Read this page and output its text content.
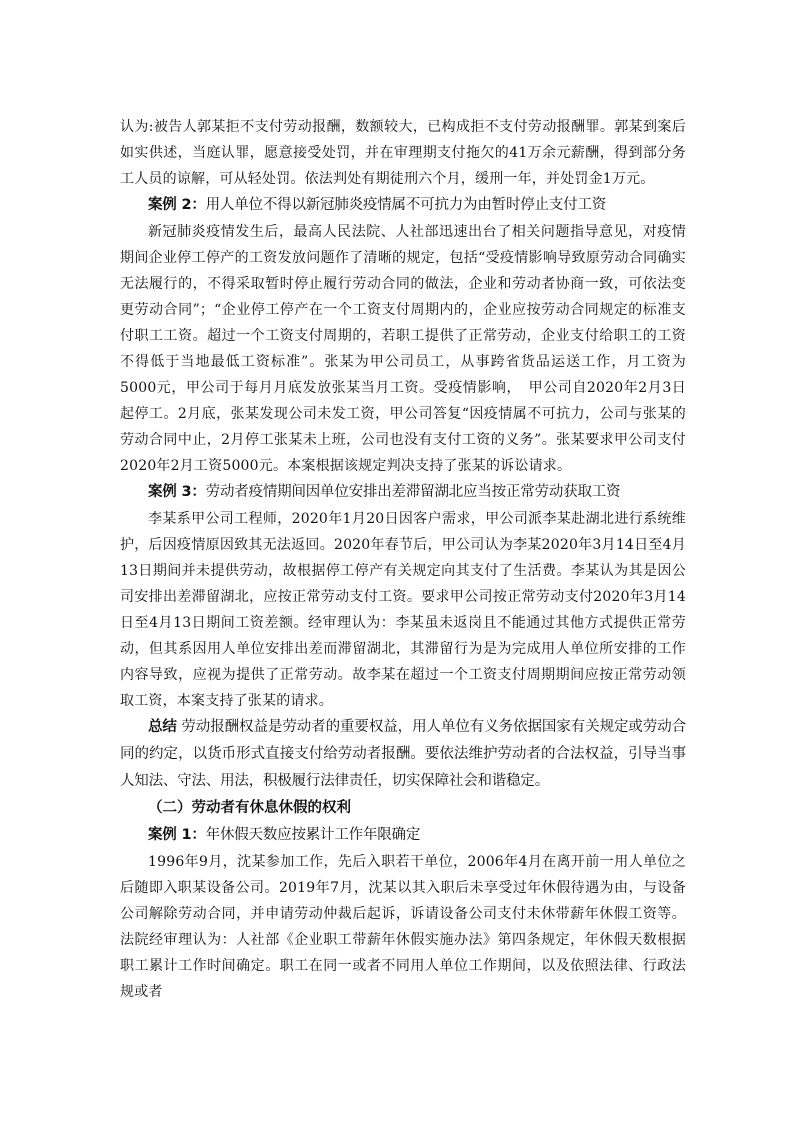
认为:被告人郭某拒不支付劳动报酬，数额较大，已构成拒不支付劳动报酬罪。郭某到案后如实供述，当庭认罪，愿意接受处罚，并在审理期支付拖欠的41万余元薪酬，得到部分务工人员的谅解，可从轻处罚。依法判处有期徒刑六个月，缓刑一年，并处罚金1万元。

案例 2：用人单位不得以新冠肺炎疫情属不可抗力为由暂时停止支付工资

新冠肺炎疫情发生后，最高人民法院、人社部迅速出台了相关问题指导意见，对疫情期间企业停工停产的工资发放问题作了清晰的规定，包括“受疫情影响导致原劳动合同确实无法履行的，不得采取暂时停止履行劳动合同的做法，企业和劳动者协商一致，可依法变更劳动合同”；“企业停工停产在一个工资支付周期内的，企业应按劳动合同规定的标准支付职工工资。超过一个工资支付周期的，若职工提供了正常劳动，企业支付给职工的工资不得低于当地最低工资标准”。张某为甲公司员工，从事跨省货品运送工作，月工资为5000元，甲公司于每月月底发放张某当月工资。受疫情影响，　甲公司自2020年2月3日起停工。2月底，张某发现公司未发工资，甲公司答复“因疫情属不可抗力，公司与张某的劳动合同中止，2月停工张某未上班，公司也没有支付工资的义务”。张某要求甲公司支付2020年2月工资5000元。本案根据该规定判决支持了张某的诉讼请求。

案例 3：劳动者疫情期间因单位安排出差滞留湖北应当按正常劳动获取工资

李某系甲公司工程师，2020年1月20日因客户需求，甲公司派李某赴湖北进行系统维护，后因疫情原因致其无法返回。2020年春节后，甲公司认为李某2020年3月14日至4月13日期间并未提供劳动，故根据停工停产有关规定向其支付了生活费。李某认为其是因公司安排出差滞留湖北，应按正常劳动支付工资。要求甲公司按正常劳动支付2020年3月14日至4月13日期间工资差额。经审理认为：李某虽未返岗且不能通过其他方式提供正常劳动，但其系因用人单位安排出差而滞留湖北，其滞留行为是为完成用人单位所安排的工作内容导致，应视为提供了正常劳动。故李某在超过一个工资支付周期期间应按正常劳动领取工资，本案支持了张某的请求。

总结 劳动报酬权益是劳动者的重要权益，用人单位有义务依据国家有关规定或劳动合同的约定，以货币形式直接支付给劳动者报酬。要依法维护劳动者的合法权益，引导当事人知法、守法、用法，积极履行法律责任，切实保障社会和谐稳定。

（二）劳动者有休息休假的权利

案例 1：年休假天数应按累计工作年限确定

1996年9月，沈某参加工作，先后入职若干单位，2006年4月在离开前一用人单位之后随即入职某设备公司。2019年7月，沈某以其入职后未享受过年休假待遇为由，与设备公司解除劳动合同，并申请劳动仲裁后起诉，诉请设备公司支付未休带薪年休假工资等。法院经审理认为：人社部《企业职工带薪年休假实施办法》第四条规定，年休假天数根据职工累计工作时间确定。职工在同一或者不同用人单位工作期间，以及依照法律、行政法规或者
